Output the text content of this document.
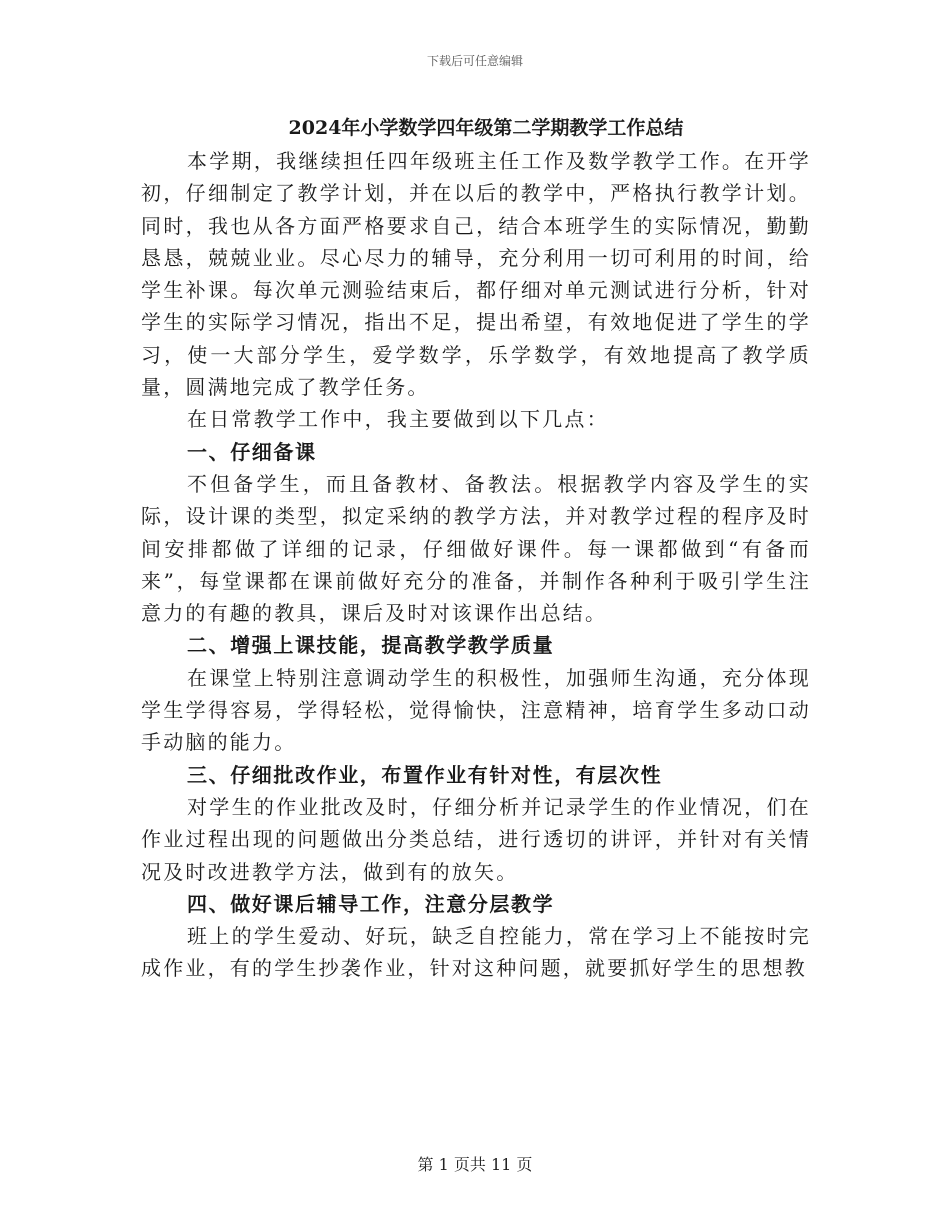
下载后可任意编辑
2024年小学数学四年级第二学期教学工作总结

本学期，我继续担任四年级班主任工作及数学教学工作。在开学初，仔细制定了教学计划，并在以后的教学中，严格执行教学计划。同时，我也从各方面严格要求自己，结合本班学生的实际情况，勤勤恳恳，兢兢业业。尽心尽力的辅导，充分利用一切可利用的时间，给学生补课。每次单元测验结束后，都仔细对单元测试进行分析，针对学生的实际学习情况，指出不足，提出希望，有效地促进了学生的学习，使一大部分学生，爱学数学，乐学数学，有效地提高了教学质量，圆满地完成了教学任务。

在日常教学工作中，我主要做到以下几点：

一、仔细备课

不但备学生，而且备教材、备教法。根据教学内容及学生的实际，设计课的类型，拟定采纳的教学方法，并对教学过程的程序及时间安排都做了详细的记录，仔细做好课件。每一课都做到“有备而来”，每堂课都在课前做好充分的准备，并制作各种利于吸引学生注意力的有趣的教具，课后及时对该课作出总结。

二、增强上课技能，提高教学教学质量

在课堂上特别注意调动学生的积极性，加强师生沟通，充分体现学生学得容易，学得轻松，觉得愉快，注意精神，培育学生多动口动手动脑的能力。

三、仔细批改作业，布置作业有针对性，有层次性

对学生的作业批改及时，仔细分析并记录学生的作业情况，们在作业过程出现的问题做出分类总结，进行透切的讲评，并针对有关情况及时改进教学方法，做到有的放矢。

四、做好课后辅导工作，注意分层教学

班上的学生爱动、好玩，缺乏自控能力，常在学习上不能按时完成作业，有的学生抄袭作业，针对这种问题，就要抓好学生的思想教

第 1 页共 11 页
